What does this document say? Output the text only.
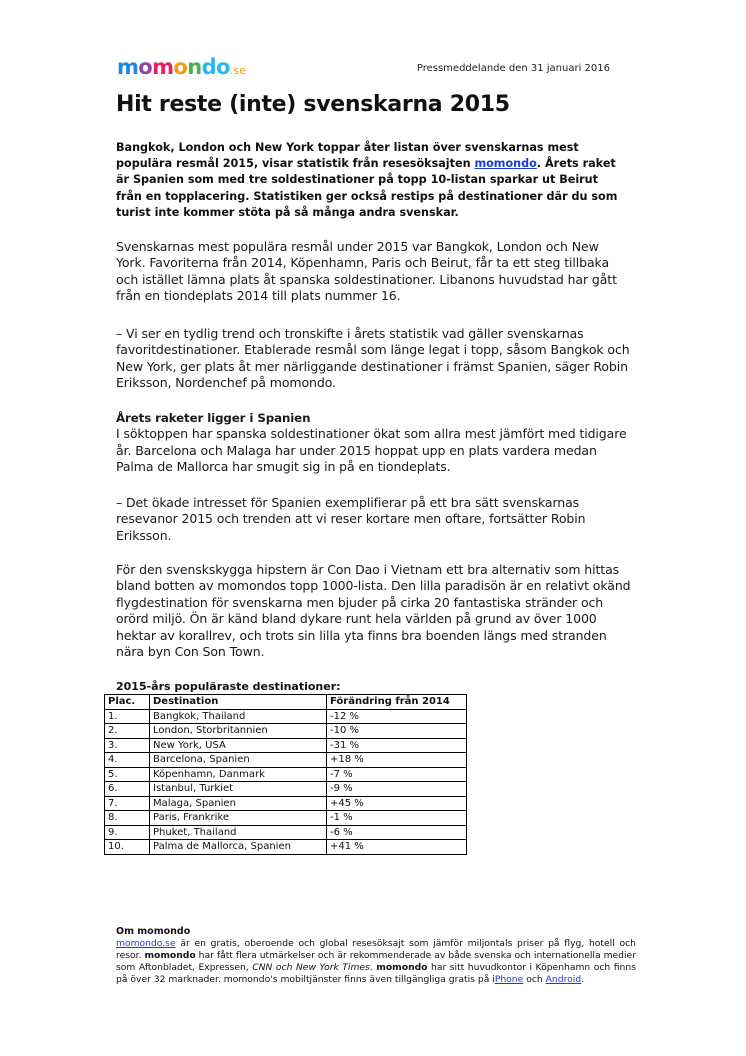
momondo.se	Pressmeddelande den 31 januari 2016
Hit reste (inte) svenskarna 2015

Bangkok, London och New York toppar åter listan över svenskarnas mest populära resmål 2015, visar statistik från resesöksajten momondo. Årets raket är Spanien som med tre soldestinationer på topp 10-listan sparkar ut Beirut från en topplacering. Statistiken ger också restips på destinationer där du som turist inte kommer stöta på så många andra svenskar.

Svenskarnas mest populära resmål under 2015 var Bangkok, London och New York. Favoriterna från 2014, Köpenhamn, Paris och Beirut, får ta ett steg tillbaka och istället lämna plats åt spanska soldestinationer. Libanons huvudstad har gått från en tiondeplats 2014 till plats nummer 16.

– Vi ser en tydlig trend och tronskifte i årets statistik vad gäller svenskarnas favoritdestinationer. Etablerade resmål som länge legat i topp, såsom Bangkok och New York, ger plats åt mer närliggande destinationer i främst Spanien, säger Robin Eriksson, Nordenchef på momondo.

Årets raketer ligger i Spanien
I söktoppen har spanska soldestinationer ökat som allra mest jämfört med tidigare år. Barcelona och Malaga har under 2015 hoppat upp en plats vardera medan Palma de Mallorca har smugit sig in på en tiondeplats.

– Det ökade intresset för Spanien exemplifierar på ett bra sätt svenskarnas resevanor 2015 och trenden att vi reser kortare men oftare, fortsätter Robin Eriksson.

För den svenskskygga hipstern är Con Dao i Vietnam ett bra alternativ som hittas bland botten av momondos topp 1000-lista. Den lilla paradisön är en relativt okänd flygdestination för svenskarna men bjuder på cirka 20 fantastiska stränder och orörd miljö. Ön är känd bland dykare runt hela världen på grund av över 1000 hektar av korallrev, och trots sin lilla yta finns bra boenden längs med stranden nära byn Con Son Town.

2015-års populäraste destinationer:
Plac.	Destination	Förändring från 2014
1.	Bangkok, Thailand	-12 %
2.	London, Storbritannien	-10 %
3.	New York, USA	-31 %
4.	Barcelona, Spanien	+18 %
5.	Köpenhamn, Danmark	-7 %
6.	Istanbul, Turkiet	-9 %
7.	Malaga, Spanien	+45 %
8.	Paris, Frankrike	-1 %
9.	Phuket, Thailand	-6 %
10.	Palma de Mallorca, Spanien	+41 %
Om momondo
momondo.se är en gratis, oberoende och global resesöksajt som jämför miljontals priser på flyg, hotell och resor. momondo har fått flera utmärkelser och är rekommenderade av både svenska och internationella medier som Aftonbladet, Expressen, CNN och New York Times. momondo har sitt huvudkontor i Köpenhamn och finns på över 32 marknader. momondo's mobiltjänster finns även tillgängliga gratis på iPhone och Android.
